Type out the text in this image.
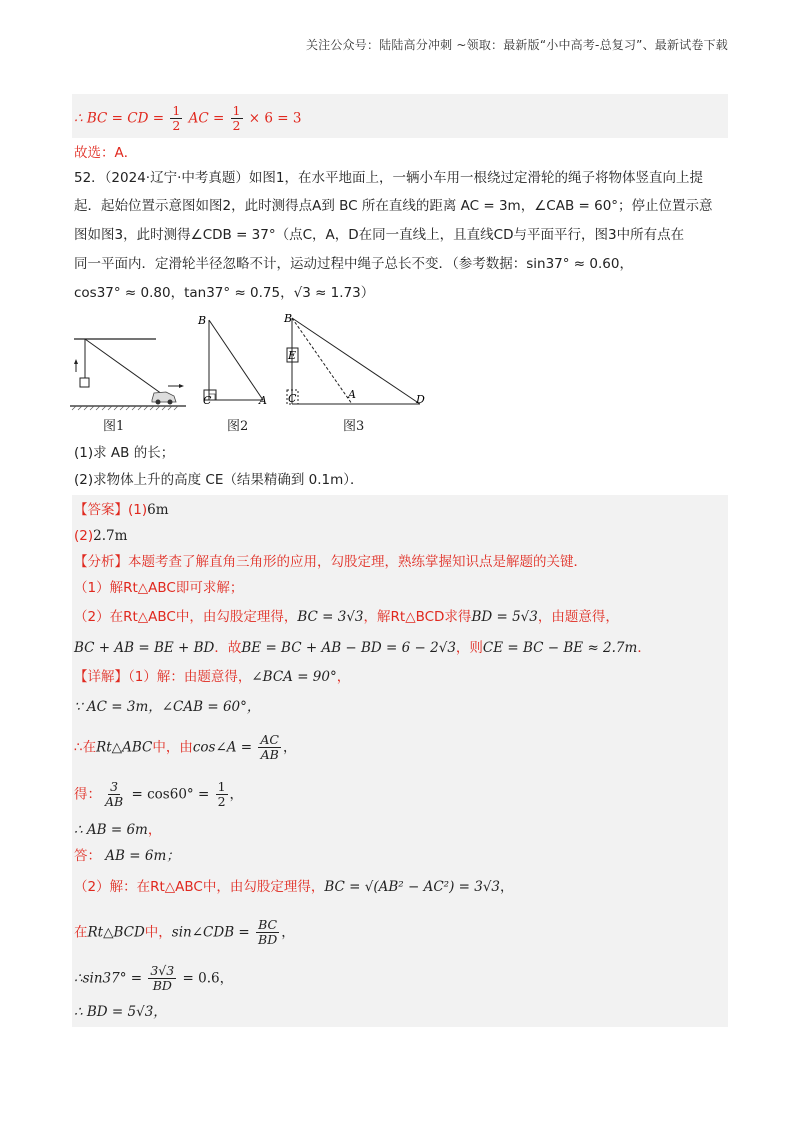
关注公众号：陆陆高分冲刺 ~领取：最新版“小中高考-总复习”、最新试卷下载
∴ BC = CD = $\frac{1}{2}$ AC = $\frac{1}{2} \times 6 = 3$
故选：A．
52．（2024·辽宁·中考真题）如图1，在水平地面上，一辆小车用一根绕过定滑轮的绳子将物体竖直向上提
起．起始位置示意图如图2，此时测得点A到 BC 所在直线的距离 AC = 3m，∠CAB = 60°；停止位置示意
图如图3，此时测得∠CDB = 37°（点C，A，D在同一直线上，且直线CD与平面平行，图3中所有点在
同一平面内．定滑轮半径忽略不计，运动过程中绳子总长不变．（参考数据：sin37° ≈ 0.60，
cos37° ≈ 0.80，tan37° ≈ 0.75，√3 ≈ 1.73）
图1
B
C	A
图2
B
E
C	A	D
图3
(1)求 AB 的长；
(2)求物体上升的高度 CE（结果精确到 0.1m）．
【答案】(1)6m
(2)2.7m
【分析】本题考查了解直角三角形的应用，勾股定理，熟练掌握知识点是解题的关键．
（1）解Rt△ABC即可求解；
（2）在Rt△ABC中，由勾股定理得，BC = 3√3，解Rt△BCD求得BD = 5√3，由题意得，
BC + AB = BE + BD．故BE = BC + AB − BD = 6 − 2√3，则CE = BC − BE ≈ 2.7m．
【详解】（1）解：由题意得，∠BCA = 90°，
∵ AC = 3m，∠CAB = 60°，
∴在Rt△ABC中，由cos∠A = $\frac{AC}{AB}$ ，
得： $\frac{3}{AB} = \cos 60^\circ = \frac{1}{2}$ ，
∴ AB = 6m，
答： AB = 6m；
（2）解：在Rt△ABC中，由勾股定理得，BC = √(AB² − AC²) = 3√3，
在Rt△BCD中，sin∠CDB = $\frac{BC}{BD}$ ，
∴sin37° = $\frac{3√3}{BD} = 0.6$，
∴ BD = 5√3，
